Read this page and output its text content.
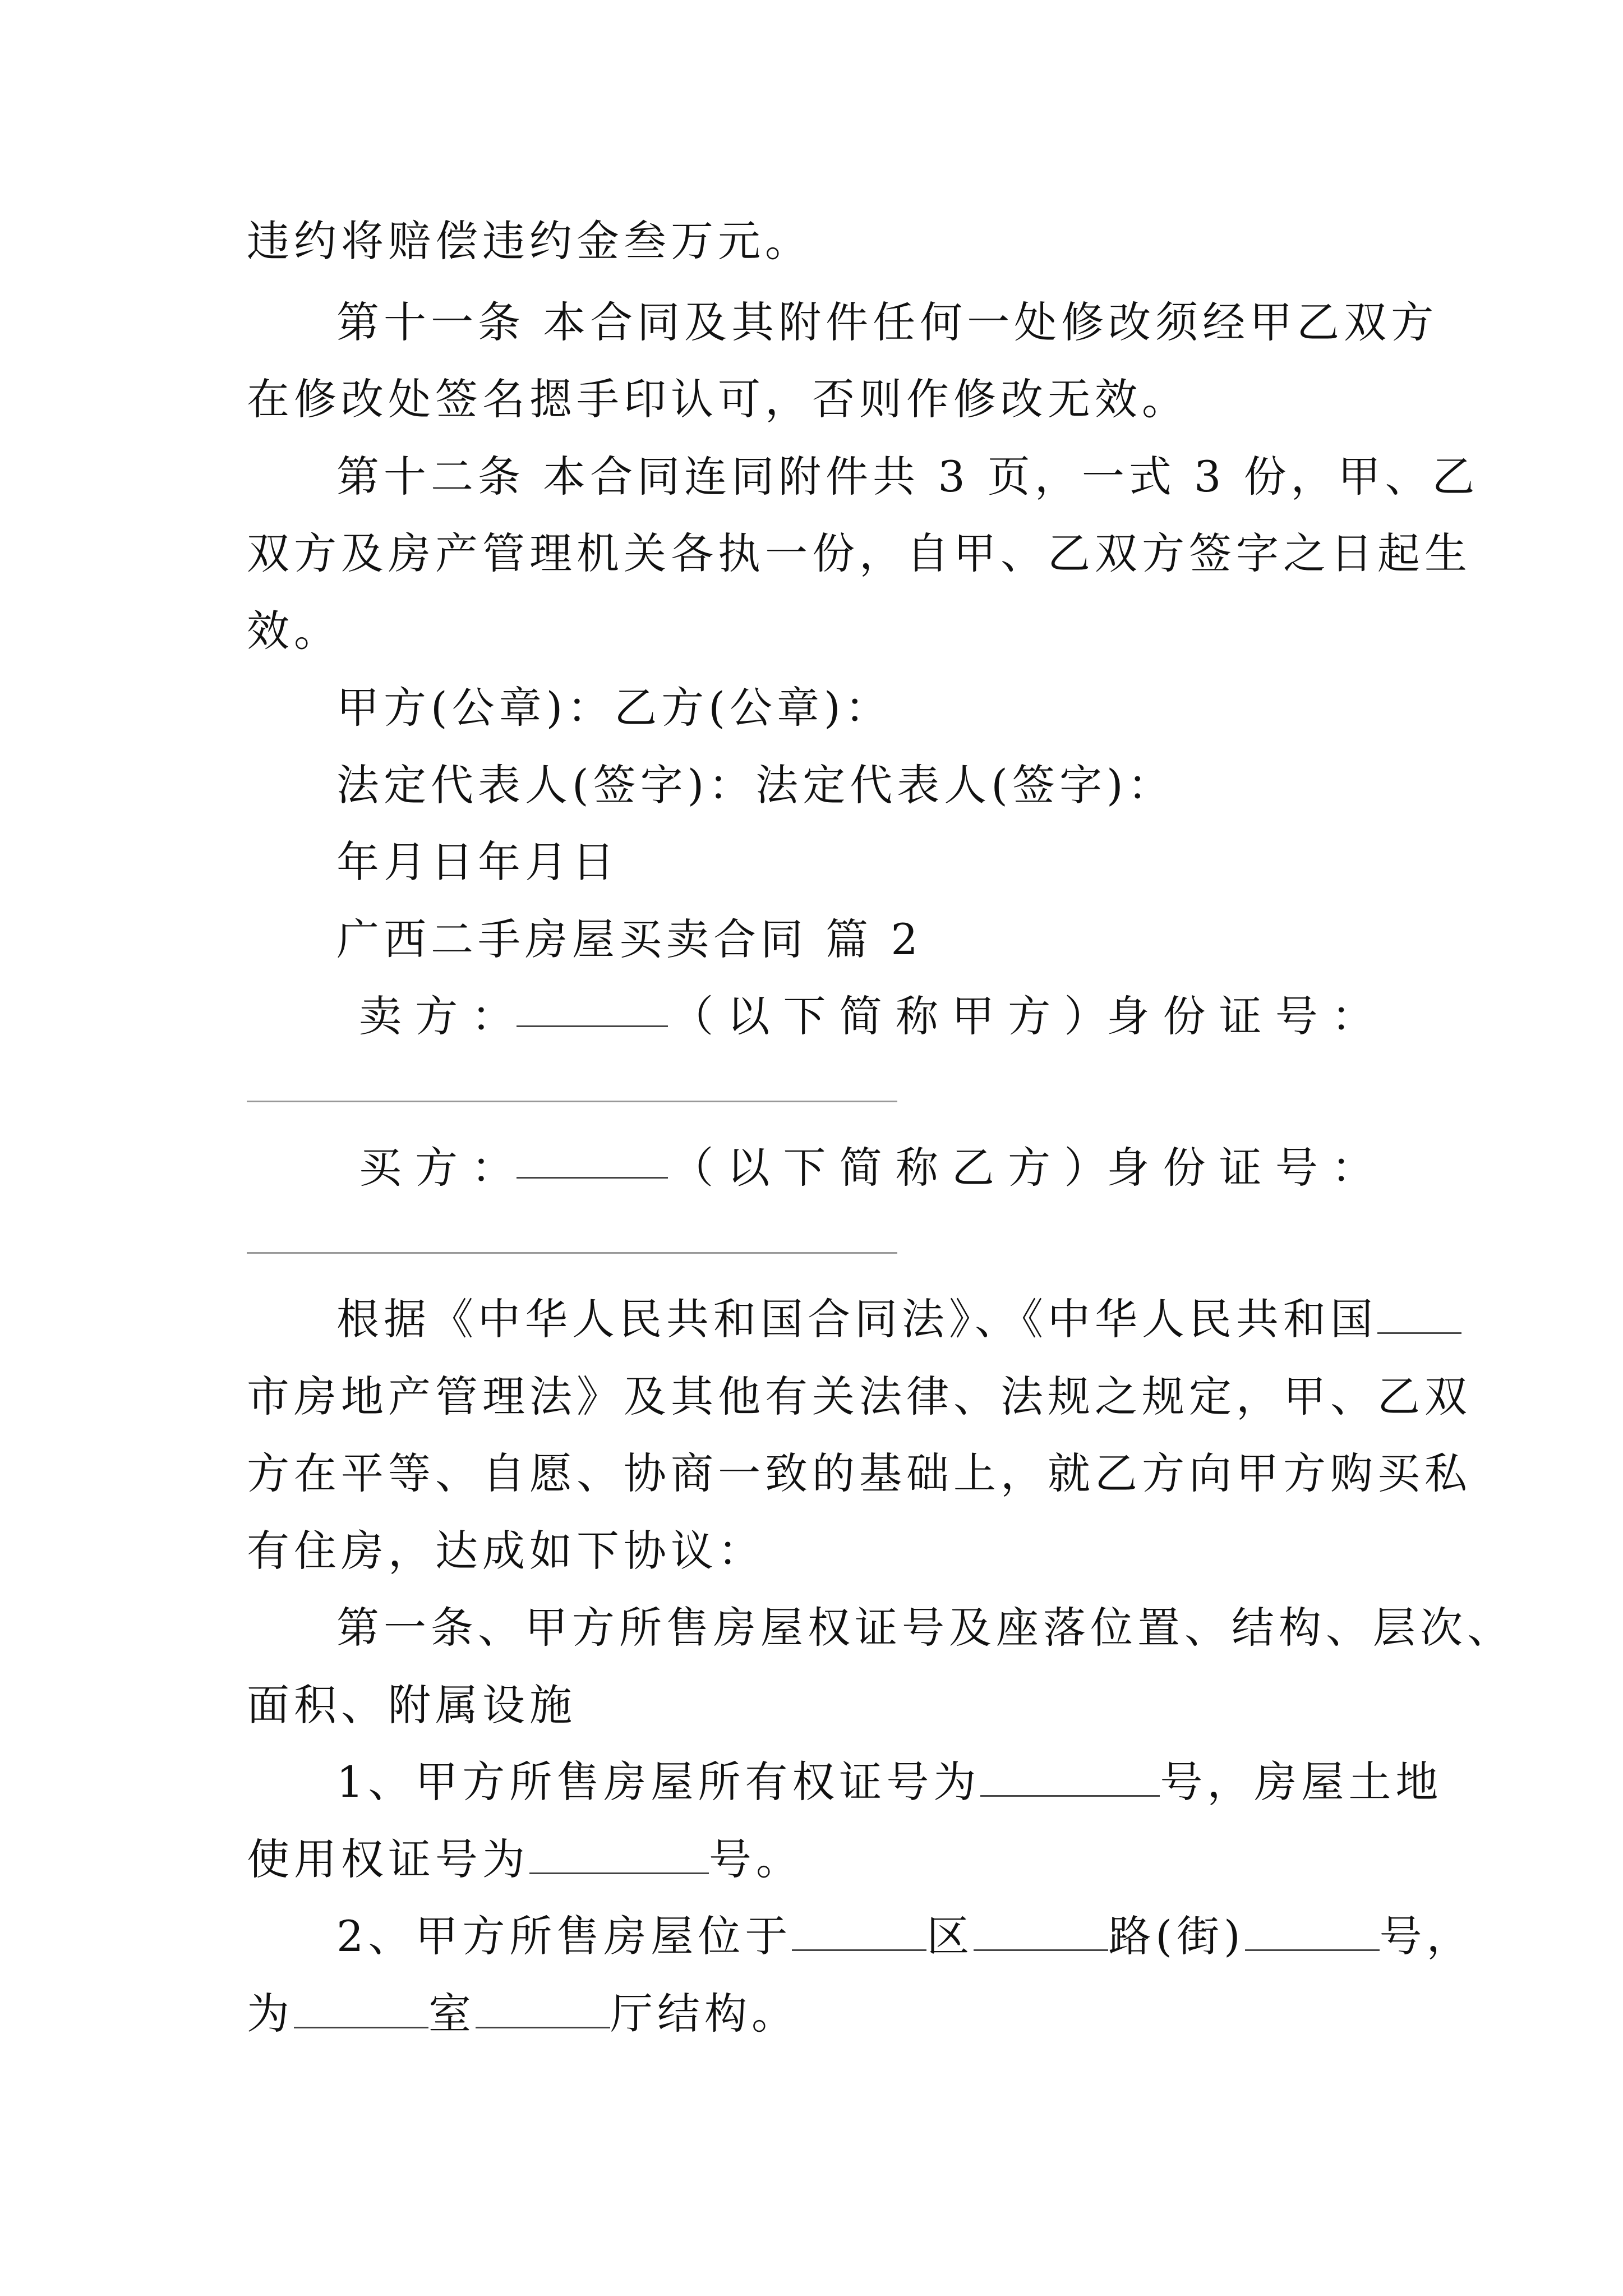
违约将赔偿违约金叁万元。
第十一条 本合同及其附件任何一处修改须经甲乙双方
在修改处签名摁手印认可，否则作修改无效。
第十二条 本合同连同附件共 3 页，一式 3 份，甲、乙
双方及房产管理机关各执一份，自甲、乙双方签字之日起生
效。
甲方(公章)：乙方(公章)：
法定代表人(签字)：法定代表人(签字)：
年月日年月日
广西二手房屋买卖合同 篇 2
卖 方 ：	（ 以 下 简 称 甲 方 ）身 份 证 号 ：
买 方 ：	（ 以 下 简 称 乙 方 ）身 份 证 号 ：
根据《中华人民共和国合同法》、《中华人民共和国
市房地产管理法》及其他有关法律、法规之规定，甲、乙双
方在平等、自愿、协商一致的基础上，就乙方向甲方购买私
有住房，达成如下协议：
第一条、甲方所售房屋权证号及座落位置、结构、层次、
面积、附属设施
1、甲方所售房屋所有权证号为	号，房屋土地
使用权证号为	号。
2、甲方所售房屋位于	区	路(街)	号，
为	室	厅结构。
